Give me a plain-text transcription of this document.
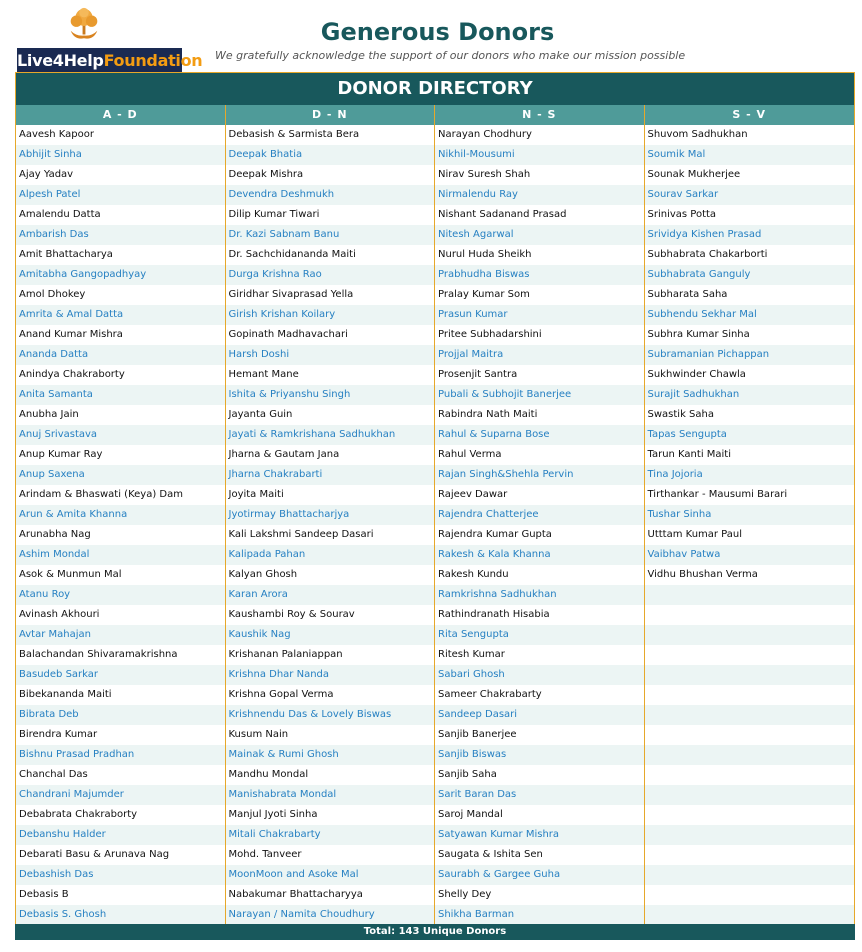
Live4HelpFoundation
Generous Donors
We gratefully acknowledge the support of our donors who make our mission possible
DONOR DIRECTORY
A - D
Aavesh Kapoor
Abhijit Sinha
Ajay Yadav
Alpesh Patel
Amalendu Datta
Ambarish Das
Amit Bhattacharya
Amitabha Gangopadhyay
Amol Dhokey
Amrita & Amal Datta
Anand Kumar Mishra
Ananda Datta
Anindya Chakraborty
Anita Samanta
Anubha Jain
Anuj Srivastava
Anup Kumar Ray
Anup Saxena
Arindam & Bhaswati (Keya) Dam
Arun & Amita Khanna
Arunabha Nag
Ashim Mondal
Asok & Munmun Mal
Atanu Roy
Avinash Akhouri
Avtar Mahajan
Balachandan Shivaramakrishna
Basudeb Sarkar
Bibekananda Maiti
Bibrata Deb
Birendra Kumar
Bishnu Prasad Pradhan
Chanchal Das
Chandrani Majumder
Debabrata Chakraborty
Debanshu Halder
Debarati Basu & Arunava Nag
Debashish Das
Debasis B
Debasis S. Ghosh
D - N
Debasish & Sarmista Bera
Deepak Bhatia
Deepak Mishra
Devendra Deshmukh
Dilip Kumar Tiwari
Dr. Kazi Sabnam Banu
Dr. Sachchidananda Maiti
Durga Krishna Rao
Giridhar Sivaprasad Yella
Girish Krishan Koilary
Gopinath Madhavachari
Harsh Doshi
Hemant Mane
Ishita & Priyanshu Singh
Jayanta Guin
Jayati & Ramkrishana Sadhukhan
Jharna & Gautam Jana
Jharna Chakrabarti
Joyita Maiti
Jyotirmay Bhattacharjya
Kali Lakshmi Sandeep Dasari
Kalipada Pahan
Kalyan Ghosh
Karan Arora
Kaushambi Roy & Sourav
Kaushik Nag
Krishanan Palaniappan
Krishna Dhar Nanda
Krishna Gopal Verma
Krishnendu Das & Lovely Biswas
Kusum Nain
Mainak & Rumi Ghosh
Mandhu Mondal
Manishabrata Mondal
Manjul Jyoti Sinha
Mitali Chakrabarty
Mohd. Tanveer
MoonMoon and Asoke Mal
Nabakumar Bhattacharyya
Narayan / Namita Choudhury
N - S
Narayan Chodhury
Nikhil-Mousumi
Nirav Suresh Shah
Nirmalendu Ray
Nishant Sadanand Prasad
Nitesh Agarwal
Nurul Huda Sheikh
Prabhudha Biswas
Pralay Kumar Som
Prasun Kumar
Pritee Subhadarshini
Projjal Maitra
Prosenjit Santra
Pubali & Subhojit Banerjee
Rabindra Nath Maiti
Rahul & Suparna Bose
Rahul Verma
Rajan Singh&Shehla Pervin
Rajeev Dawar
Rajendra Chatterjee
Rajendra Kumar Gupta
Rakesh & Kala Khanna
Rakesh Kundu
Ramkrishna Sadhukhan
Rathindranath Hisabia
Rita Sengupta
Ritesh Kumar
Sabari Ghosh
Sameer Chakrabarty
Sandeep Dasari
Sanjib Banerjee
Sanjib Biswas
Sanjib Saha
Sarit Baran Das
Saroj Mandal
Satyawan Kumar Mishra
Saugata & Ishita Sen
Saurabh & Gargee Guha
Shelly Dey
Shikha Barman
S - V
Shuvom Sadhukhan
Soumik Mal
Sounak Mukherjee
Sourav Sarkar
Srinivas Potta
Srividya Kishen Prasad
Subhabrata Chakarborti
Subhabrata Ganguly
Subharata Saha
Subhendu Sekhar Mal
Subhra Kumar Sinha
Subramanian Pichappan
Sukhwinder Chawla
Surajit Sadhukhan
Swastik Saha
Tapas Sengupta
Tarun Kanti Maiti
Tina Jojoria
Tirthankar - Mausumi Barari
Tushar Sinha
Utttam Kumar Paul
Vaibhav Patwa
Vidhu Bhushan Verma
Total: 143 Unique Donors
